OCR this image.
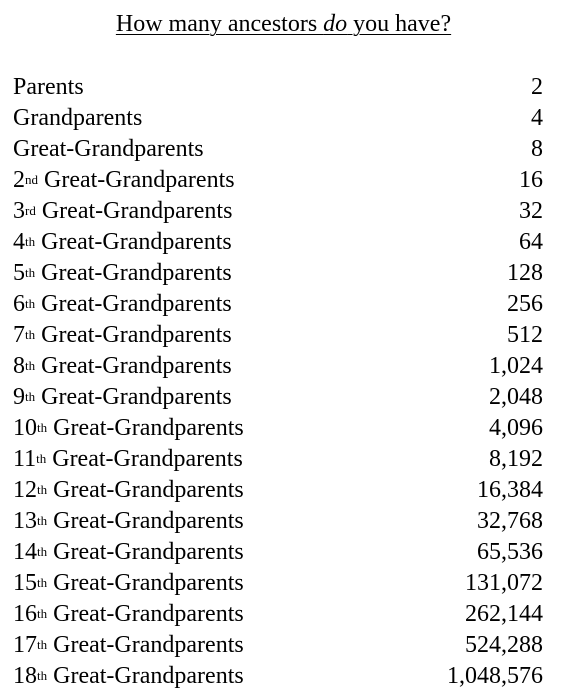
How many ancestors do you have?
Parents	2
Grandparents	4
Great-Grandparents	8
2nd Great-Grandparents	16
3rd Great-Grandparents	32
4th Great-Grandparents	64
5th Great-Grandparents	128
6th Great-Grandparents	256
7th Great-Grandparents	512
8th Great-Grandparents	1,024
9th Great-Grandparents	2,048
10th Great-Grandparents	4,096
11th Great-Grandparents	8,192
12th Great-Grandparents	16,384
13th Great-Grandparents	32,768
14th Great-Grandparents	65,536
15th Great-Grandparents	131,072
16th Great-Grandparents	262,144
17th Great-Grandparents	524,288
18th Great-Grandparents	1,048,576
